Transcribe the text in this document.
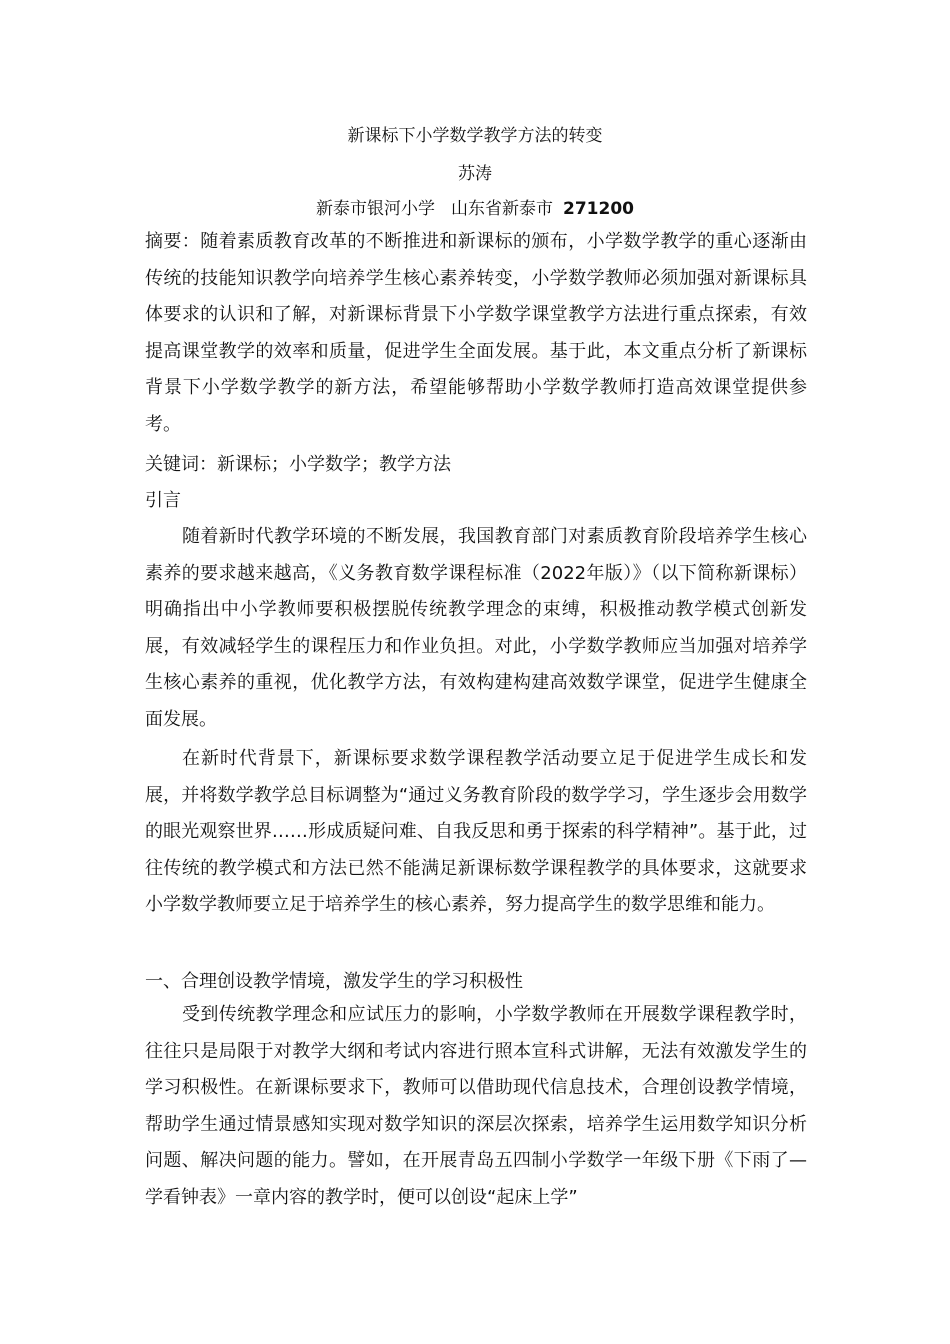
新课标下小学数学教学方法的转变
苏涛
新泰市银河小学 山东省新泰市 271200

摘要：随着素质教育改革的不断推进和新课标的颁布，小学数学教学的重心逐渐由传统的技能知识教学向培养学生核心素养转变，小学数学教师必须加强对新课标具体要求的认识和了解，对新课标背景下小学数学课堂教学方法进行重点探索，有效提高课堂教学的效率和质量，促进学生全面发展。基于此，本文重点分析了新课标背景下小学数学教学的新方法，希望能够帮助小学数学教师打造高效课堂提供参考。

关键词：新课标；小学数学；教学方法

引言

随着新时代教学环境的不断发展，我国教育部门对素质教育阶段培养学生核心素养的要求越来越高，《义务教育数学课程标准（2022年版）》（以下简称新课标）明确指出中小学教师要积极摆脱传统教学理念的束缚，积极推动教学模式创新发展，有效减轻学生的课程压力和作业负担。对此，小学数学教师应当加强对培养学生核心素养的重视，优化教学方法，有效构建构建高效数学课堂，促进学生健康全面发展。

在新时代背景下，新课标要求数学课程教学活动要立足于促进学生成长和发展，并将数学教学总目标调整为“通过义务教育阶段的数学学习，学生逐步会用数学的眼光观察世界……形成质疑问难、自我反思和勇于探索的科学精神”。基于此，过往传统的教学模式和方法已然不能满足新课标数学课程教学的具体要求，这就要求小学数学教师要立足于培养学生的核心素养，努力提高学生的数学思维和能力。

一、合理创设教学情境，激发学生的学习积极性

受到传统教学理念和应试压力的影响，小学数学教师在开展数学课程教学时，往往只是局限于对教学大纲和考试内容进行照本宣科式讲解，无法有效激发学生的学习积极性。在新课标要求下，教师可以借助现代信息技术，合理创设教学情境，帮助学生通过情景感知实现对数学知识的深层次探索，培养学生运用数学知识分析问题、解决问题的能力。譬如，在开展青岛五四制小学数学一年级下册《下雨了—学看钟表》一章内容的教学时，便可以创设“起床上学”
